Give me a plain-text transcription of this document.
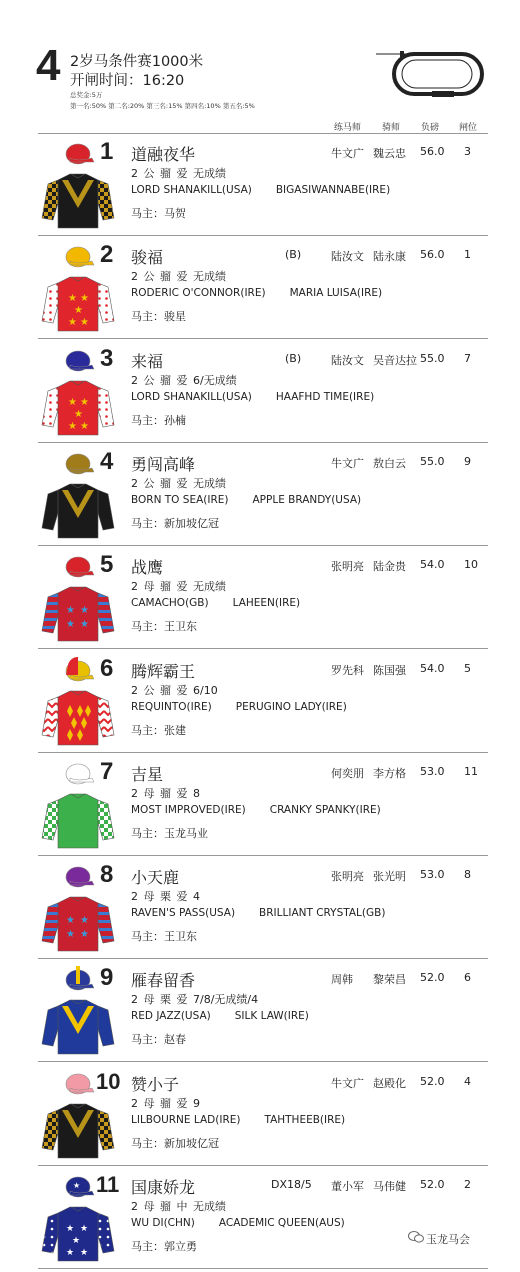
4 2岁马条件赛1000米
开闸时间：16:20
总奖金:5万
第一名:50% 第二名:20% 第三名:15% 第四名:10% 第五名:5%
练马师 骑师 负磅 闸位
1 道融夜华	牛文广 魏云忠 56.0 3
2 公 骝 爱 无成绩
LORD SHANAKILL(USA) BIGASIWANNABE(IRE)
马主：马贺
★ ★
★
★ ★
2 骏福	(B)	陆汝文 陆永康 56.0 1
2 公 骝 爱 无成绩
RODERIC O'CONNOR(IRE) MARIA LUISA(IRE)
马主：骏星
★ ★
★
★ ★
3 来福	(B)	陆汝文 吴音达拉 55.0 7
2 公 骝 爱 6/无成绩
LORD SHANAKILL(USA) HAAFHD TIME(IRE)
马主：孙楠
4 勇闯高峰	牛文广 敖白云 55.0 9
2 公 骝 爱 无成绩
BORN TO SEA(IRE) APPLE BRANDY(USA)
马主：新加坡亿冠
★ ★
★ ★
5 战鹰	张明亮 陆金贵 54.0 10
2 母 骝 爱 无成绩
CAMACHO(GB) LAHEEN(IRE)
马主：王卫东
6 腾辉霸王	罗先科 陈国强 54.0 5
2 公 骝 爱 6/10
REQUINTO(IRE) PERUGINO LADY(IRE)
马主：张建
7 吉星	何奕朋 李方格 53.0 11
2 母 骝 爱 8
MOST IMPROVED(IRE) CRANKY SPANKY(IRE)
马主：玉龙马业
★ ★
★ ★
8 小天鹿	张明亮 张光明 53.0 8
2 母 栗 爱 4
RAVEN'S PASS(USA) BRILLIANT CRYSTAL(GB)
马主：王卫东
9 雁春留香	周韩 黎荣昌 52.0 6
2 母 栗 爱 7/8/无成绩/4
RED JAZZ(USA) SILK LAW(IRE)
马主：赵春
10 赞小子	牛文广 赵殿化 52.0 4
2 母 骝 爱 9
LILBOURNE LAD(IRE) TAHTHEEB(IRE)
马主：新加坡亿冠
★
★ ★
★
★ ★
11 国康娇龙	DX18/5 董小军 马伟健 52.0 2
2 母 骝 中 无成绩
WU DI(CHN) ACADEMIC QUEEN(AUS)
马主：郭立勇
玉龙马会
